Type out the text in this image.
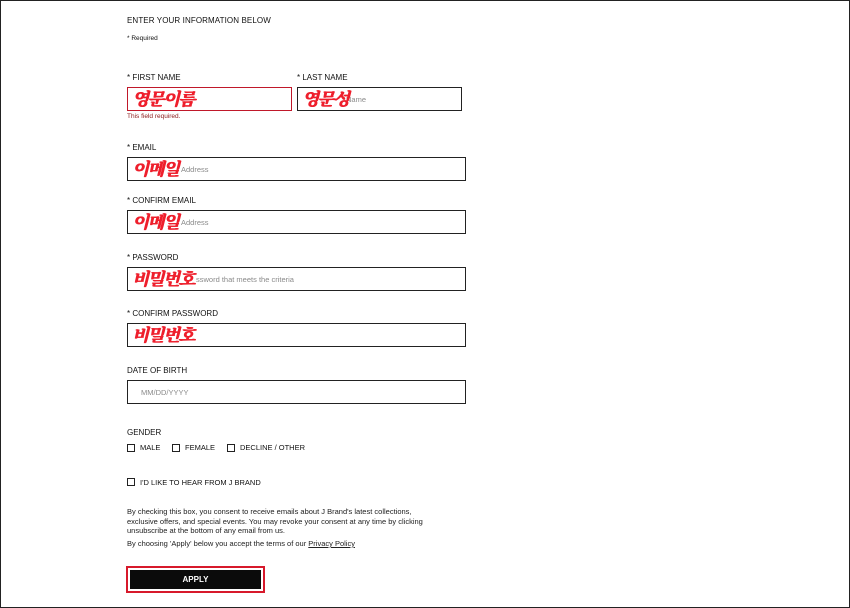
ENTER YOUR INFORMATION BELOW
* Required
* FIRST NAME
영문이름
This field required.
* LAST NAME
Name
영문성
* EMAIL
Address
이메일
* CONFIRM EMAIL
Address
이메일
* PASSWORD
ssword that meets the criteria
비밀번호
* CONFIRM PASSWORD
비밀번호
DATE OF BIRTH
MM/DD/YYYY
GENDER
MALE	FEMALE	DECLINE / OTHER
I'D LIKE TO HEAR FROM J BRAND
By checking this box, you consent to receive emails about J Brand's latest collections, exclusive offers, and special events. You may revoke your consent at any time by clicking unsubscribe at the bottom of any email from us.
By choosing 'Apply' below you accept the terms of our Privacy Policy
APPLY
